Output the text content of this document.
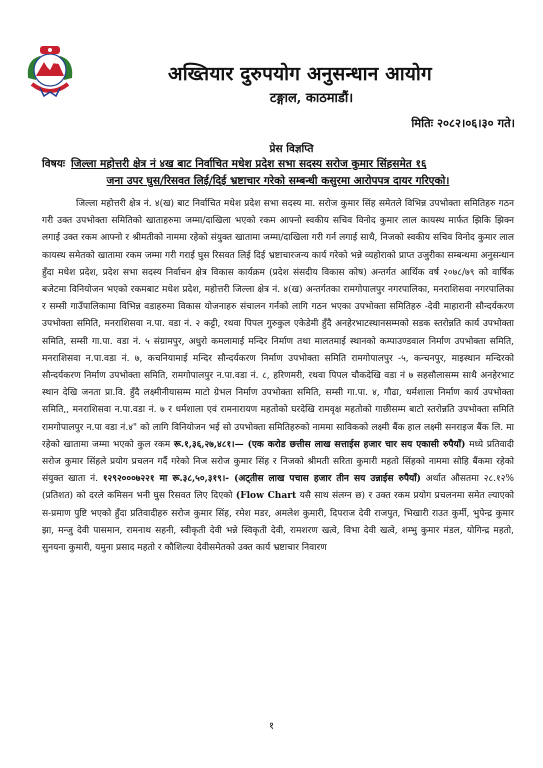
अख्तियार दुरुपयोग अनुसन्धान आयोग
टङ्गाल, काठमाडौं।
मितिः २०८२।०६।३० गते।
प्रेस विज्ञप्ति
विषयः जिल्ला महोत्तरी क्षेत्र नं ४ख बाट निर्वाचित मधेश प्रदेश सभा सदस्य सरोज कुमार सिंहसमेत १६
जना उपर घुस/रिसवत लिई/दिई भ्रष्टाचार गरेको सम्बन्धी कसुरमा आरोपपत्र दायर गरिएको।

जिल्ला महोत्तरी क्षेत्र नं. ४(ख) बाट निर्वाचित मधेश प्रदेश सभा सदस्य मा. सरोज कुमार सिंह समेतले विभिन्न उपभोक्ता समितिहरु गठन गरी उक्त उपभोक्ता समितिको खाताहरुमा जम्मा/दाखिला भएको रकम आफ्नो स्वकीय सचिव विनोद कुमार लाल कायस्थ मार्फत झिकि झिक्न लगाई उक्त रकम आफ्नो र श्रीमतीको नाममा रहेको संयुक्त खातामा जम्मा/दाखिला गरी गर्न लगाई साथै, निजको स्वकीय सचिव विनोद कुमार लाल कायस्थ समेतको खातामा रकम जम्मा गरी गराई घुस रिसवत लिई दिई भ्रष्टाचारजन्य कार्य गरेको भन्ने व्यहोराको प्राप्त उजुरीका सम्बन्धमा अनुसन्धान हुँदा मधेश प्रदेश, प्रदेश सभा सदस्य निर्वाचन क्षेत्र विकास कार्यक्रम (प्रदेश संसदीय विकास कोष) अन्तर्गत आर्थिक वर्ष २०७८/७९ को वार्षिक बजेटमा विनियोजन भएको रकमबाट मधेश प्रदेश, महोत्तरी जिल्ला क्षेत्र नं. ४(ख) अन्तर्गतका रामगोपालपुर नगरपालिका, मनराशिसवा नगरपालिका र सम्सी गाउँपालिकामा विभिन्न वडाहरुमा विकास योजनाहरु संचालन गर्नको लागि गठन भएका उपभोक्ता समितिहरु -देवी माहारानी सौन्दर्यकरण उपभोक्ता समिति, मनराशिसवा न.पा. वडा नं. २ कट्टी, रथवा पिपल गुरुकुल एकेडेमी हुँदै अनहेरभाटस्थानसम्मको सडक स्तरोन्नति कार्य उपभोक्ता समिति, सम्सी गा.पा. वडा नं. ५ संग्रामपुर, अधुरो कमलामाई मन्दिर निर्माण तथा मालतमाई स्थानको कम्पाउण्डवाल निर्माण उपभोक्ता समिति, मनराशिसवा न.पा.वडा नं. ७, कचनियामाई मन्दिर सौन्दर्यकरण निर्माण उपभोक्ता समिति रामगोपालपुर -५, कन्चनपुर, माइस्थान मन्दिरको सौन्दर्यकरण निर्माण उपभोक्ता समिति, रामगोपालपुर न.पा.वडा नं. ८, हरिणमरी, रथवा पिपल चौकदेखि वडा नं ७ सहसौलासम्म साथै अनहेरभाट स्थान देखि जनता प्रा.वि. हुँदै लक्ष्मीनीयासम्म माटो ग्रेभल निर्माण उपभोक्ता समिति, सम्सी गा.पा. ४, गौढा, धर्मशाला निर्माण कार्य उपभोक्ता समिति,, मनराशिसवा न.पा.वडा नं. ७ र धर्मशाला एवं रामनारायण महतोको घरदेखि रामवृक्ष महतोको गाछीसम्म बाटो स्तरोन्नति उपभोक्ता समिति रामगोपालपुर न.पा वडा नं.४" को लागि विनियोजन भई सो उपभोक्ता समितिहरुको नाममा साविकको लक्ष्मी बैंक हाल लक्ष्मी सनराइज बैंक लि. मा रहेको खातामा जम्मा भएको कुल रकम रू.१,३६,२७,४८१।— (एक करोड छत्तीस लाख सत्ताईस हजार चार सय एकासी रुपैयाँ) मध्ये प्रतिवादी सरोज कुमार सिंहले प्रयोग प्रचलन गर्दै गरेको निज सरोज कुमार सिंह र निजको श्रीमती सरिता कुमारी महतो सिंहको नाममा सोहि बैंकमा रहेको संयुक्त खाता नं. १२९२०००७२२१ मा रू.३८,५०,३१९।- (अट्तीस लाख पचास हजार तीन सय उन्नाईस रुपैयाँ) अर्थात औसतमा २८.१२% (प्रतिशत) को दरले कमिसन भनी घुस रिसवत लिए दिएको (Flow Chart यसै साथ संलग्न छ) र उक्त रकम प्रयोग प्रचलनमा समेत ल्याएको स-प्रमाण पुष्टि भएको हुँदा प्रतिवादीहरु सरोज कुमार सिंह, रमेश मडर, अमलेश कुमारी, दिपराज देवी राजपुत, भिखारी राउत कुर्मी, भुपेन्द्र कुमार झा, मन्जु देवी पासमान, रामनाथ सहनी, स्वीकृती देवी भन्ने स्विकृती देवी, रामशरण खत्वे, विभा देवी खत्वे, शम्भु कुमार मंडल, योगिन्द्र महतो, सुनयना कुमारी, यमुना प्रसाद महतो र कौशिल्या देवीसमेतको उक्त कार्य भ्रष्टाचार निवारण

१
